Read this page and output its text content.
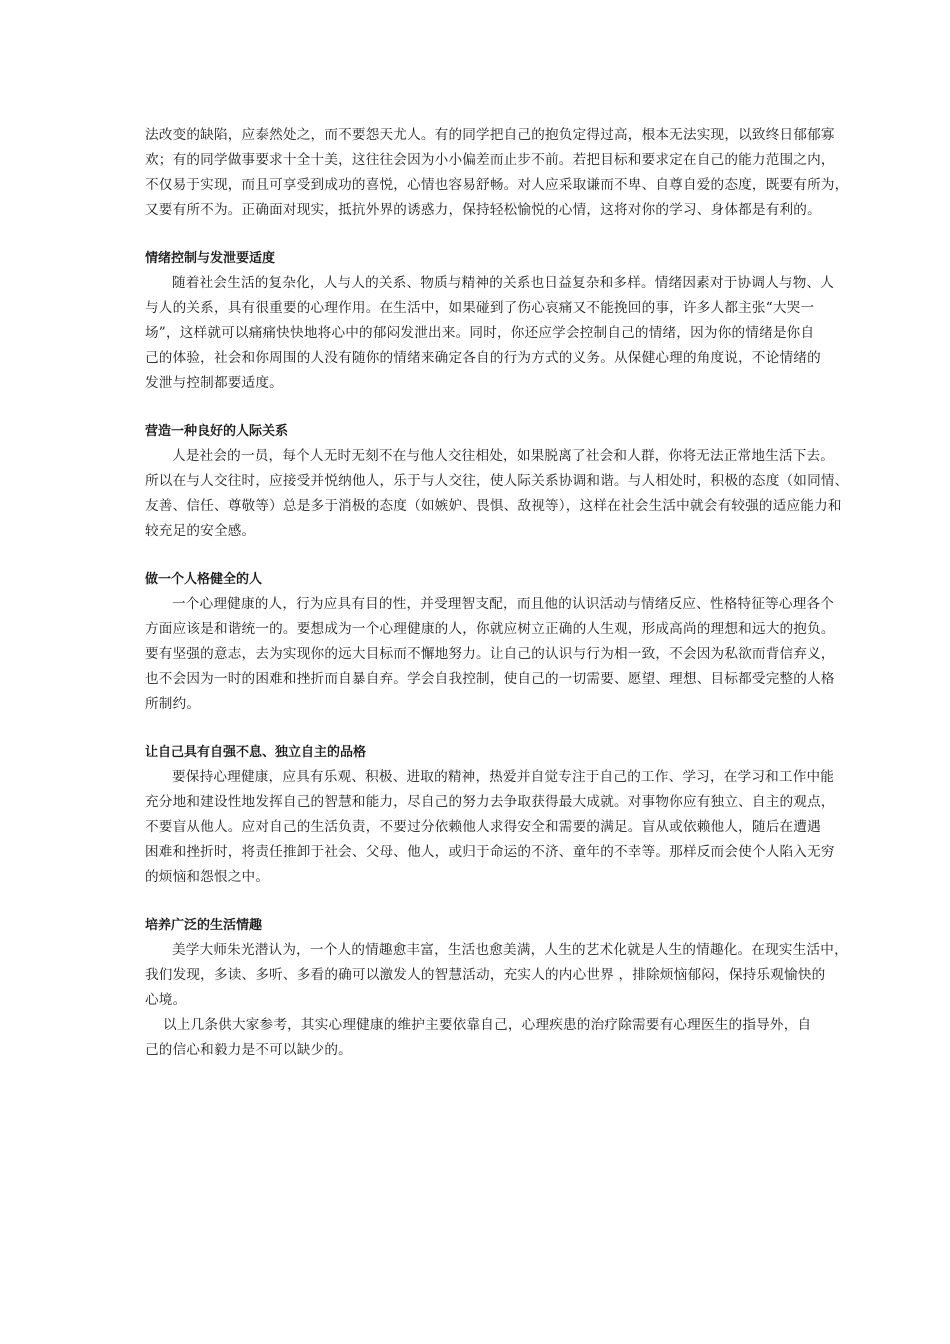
法改变的缺陷，应泰然处之，而不要怨天尤人。有的同学把自己的抱负定得过高，根本无法实现，以致终日郁郁寡
欢；有的同学做事要求十全十美，这往往会因为小小偏差而止步不前。若把目标和要求定在自己的能力范围之内，
不仅易于实现，而且可享受到成功的喜悦，心情也容易舒畅。对人应采取谦而不卑、自尊自爱的态度，既要有所为，
又要有所不为。正确面对现实，抵抗外界的诱惑力，保持轻松愉悦的心情，这将对你的学习、身体都是有利的。
情绪控制与发泄要适度
随着社会生活的复杂化，人与人的关系、物质与精神的关系也日益复杂和多样。情绪因素对于协调人与物、人
与人的关系，具有很重要的心理作用。在生活中，如果碰到了伤心哀痛又不能挽回的事，许多人都主张“大哭一
场”，这样就可以痛痛快快地将心中的郁闷发泄出来。同时，你还应学会控制自己的情绪，因为你的情绪是你自
己的体验，社会和你周围的人没有随你的情绪来确定各自的行为方式的义务。从保健心理的角度说，不论情绪的
发泄与控制都要适度。
营造一种良好的人际关系
人是社会的一员，每个人无时无刻不在与他人交往相处，如果脱离了社会和人群，你将无法正常地生活下去。
所以在与人交往时，应接受并悦纳他人，乐于与人交往，使人际关系协调和谐。与人相处时，积极的态度（如同情、
友善、信任、尊敬等）总是多于消极的态度（如嫉妒、畏惧、敌视等），这样在社会生活中就会有较强的适应能力和
较充足的安全感。
做一个人格健全的人
一个心理健康的人，行为应具有目的性，并受理智支配，而且他的认识活动与情绪反应、性格特征等心理各个
方面应该是和谐统一的。要想成为一个心理健康的人，你就应树立正确的人生观，形成高尚的理想和远大的抱负。
要有坚强的意志，去为实现你的远大目标而不懈地努力。让自己的认识与行为相一致，不会因为私欲而背信弃义，
也不会因为一时的困难和挫折而自暴自弃。学会自我控制，使自己的一切需要、愿望、理想、目标都受完整的人格
所制约。
让自己具有自强不息、独立自主的品格
要保持心理健康，应具有乐观、积极、进取的精神，热爱并自觉专注于自己的工作、学习，在学习和工作中能
充分地和建设性地发挥自己的智慧和能力，尽自己的努力去争取获得最大成就。对事物你应有独立、自主的观点，
不要盲从他人。应对自己的生活负责，不要过分依赖他人求得安全和需要的满足。盲从或依赖他人，随后在遭遇
困难和挫折时，将责任推卸于社会、父母、他人，或归于命运的不济、童年的不幸等。那样反而会使个人陷入无穷
的烦恼和怨恨之中。
培养广泛的生活情趣
美学大师朱光潜认为，一个人的情趣愈丰富，生活也愈美满，人生的艺术化就是人生的情趣化。在现实生活中，
我们发现，多读、多听、多看的确可以激发人的智慧活动，充实人的内心世界 ，排除烦恼郁闷，保持乐观愉快的
心境。
以上几条供大家参考，其实心理健康的维护主要依靠自己，心理疾患的治疗除需要有心理医生的指导外，自
己的信心和毅力是不可以缺少的。
